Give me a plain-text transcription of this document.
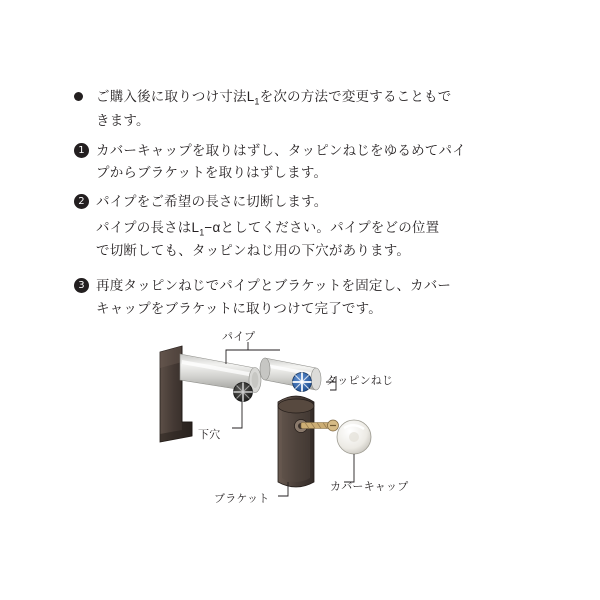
ご購入後に取りつけ寸法$L_1$を次の方法で変更することもで
きます。
1 カバーキャップを取りはずし、タッピンねじをゆるめてパイ
プからブラケットを取りはずします。
2 パイプをご希望の長さに切断します。
パイプの長さは$L_1-\alpha$としてください。パイプをどの位置
で切断しても、タッピンねじ用の下穴があります。
3 再度タッピンねじでパイプとブラケットを固定し、カバー
キャップをブラケットに取りつけて完了です。
パイプ
タッピンねじ
下穴
カバーキャップ
ブラケット
